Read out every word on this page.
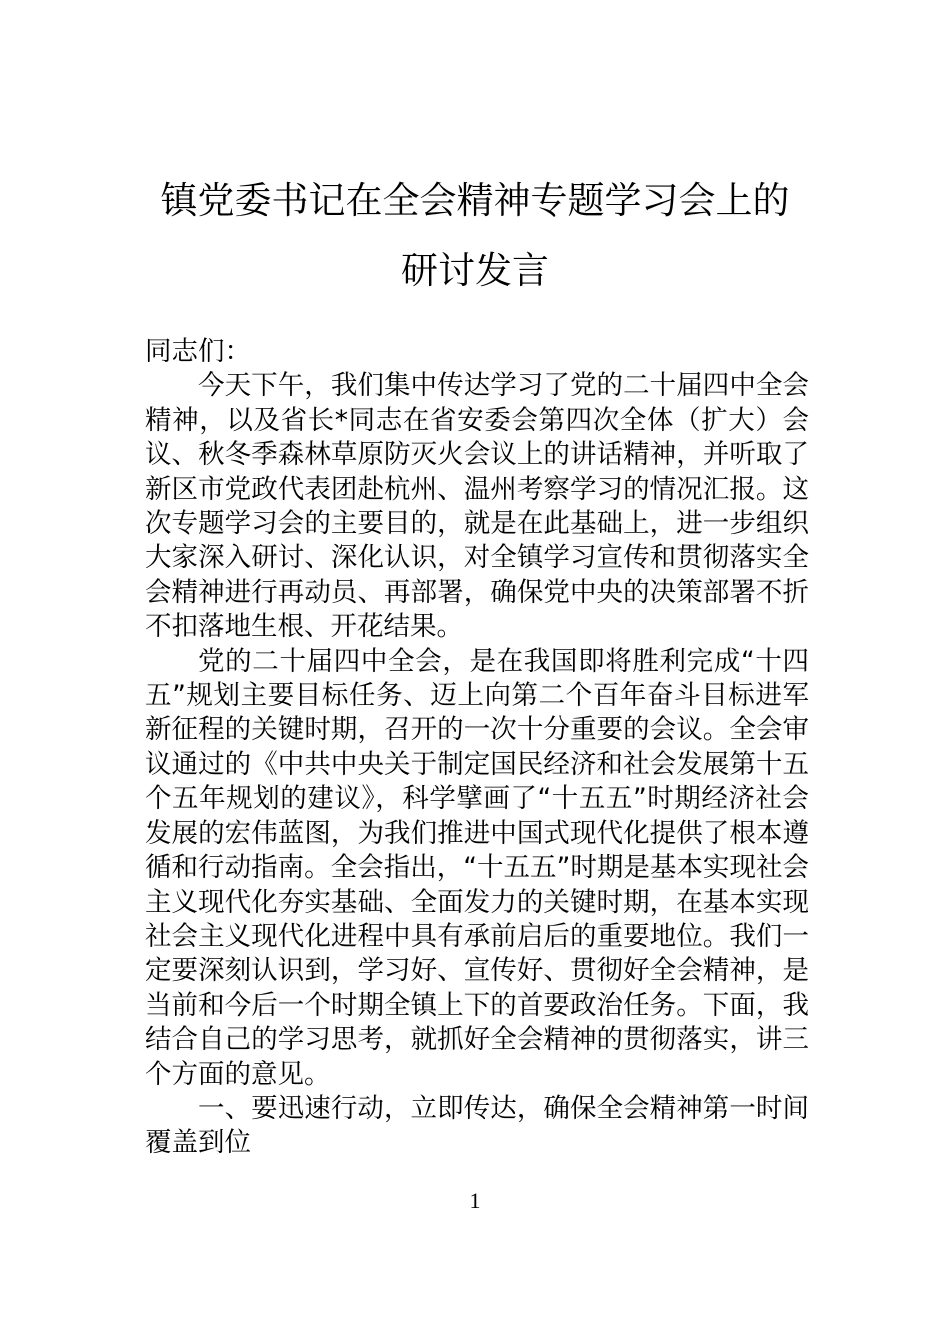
镇党委书记在全会精神专题学习会上的研讨发言

同志们：

今天下午，我们集中传达学习了党的二十届四中全会精神，以及省长*同志在省安委会第四次全体（扩大）会议、秋冬季森林草原防灭火会议上的讲话精神，并听取了新区市党政代表团赴杭州、温州考察学习的情况汇报。这次专题学习会的主要目的，就是在此基础上，进一步组织大家深入研讨、深化认识，对全镇学习宣传和贯彻落实全会精神进行再动员、再部署，确保党中央的决策部署不折不扣落地生根、开花结果。

党的二十届四中全会，是在我国即将胜利完成“十四五”规划主要目标任务、迈上向第二个百年奋斗目标进军新征程的关键时期，召开的一次十分重要的会议。全会审议通过的《中共中央关于制定国民经济和社会发展第十五个五年规划的建议》，科学擘画了“十五五”时期经济社会发展的宏伟蓝图，为我们推进中国式现代化提供了根本遵循和行动指南。全会指出，“十五五”时期是基本实现社会主义现代化夯实基础、全面发力的关键时期，在基本实现社会主义现代化进程中具有承前启后的重要地位。我们一定要深刻认识到，学习好、宣传好、贯彻好全会精神，是当前和今后一个时期全镇上下的首要政治任务。下面，我结合自己的学习思考，就抓好全会精神的贯彻落实，讲三个方面的意见。

一、要迅速行动，立即传达，确保全会精神第一时间覆盖到位

1
